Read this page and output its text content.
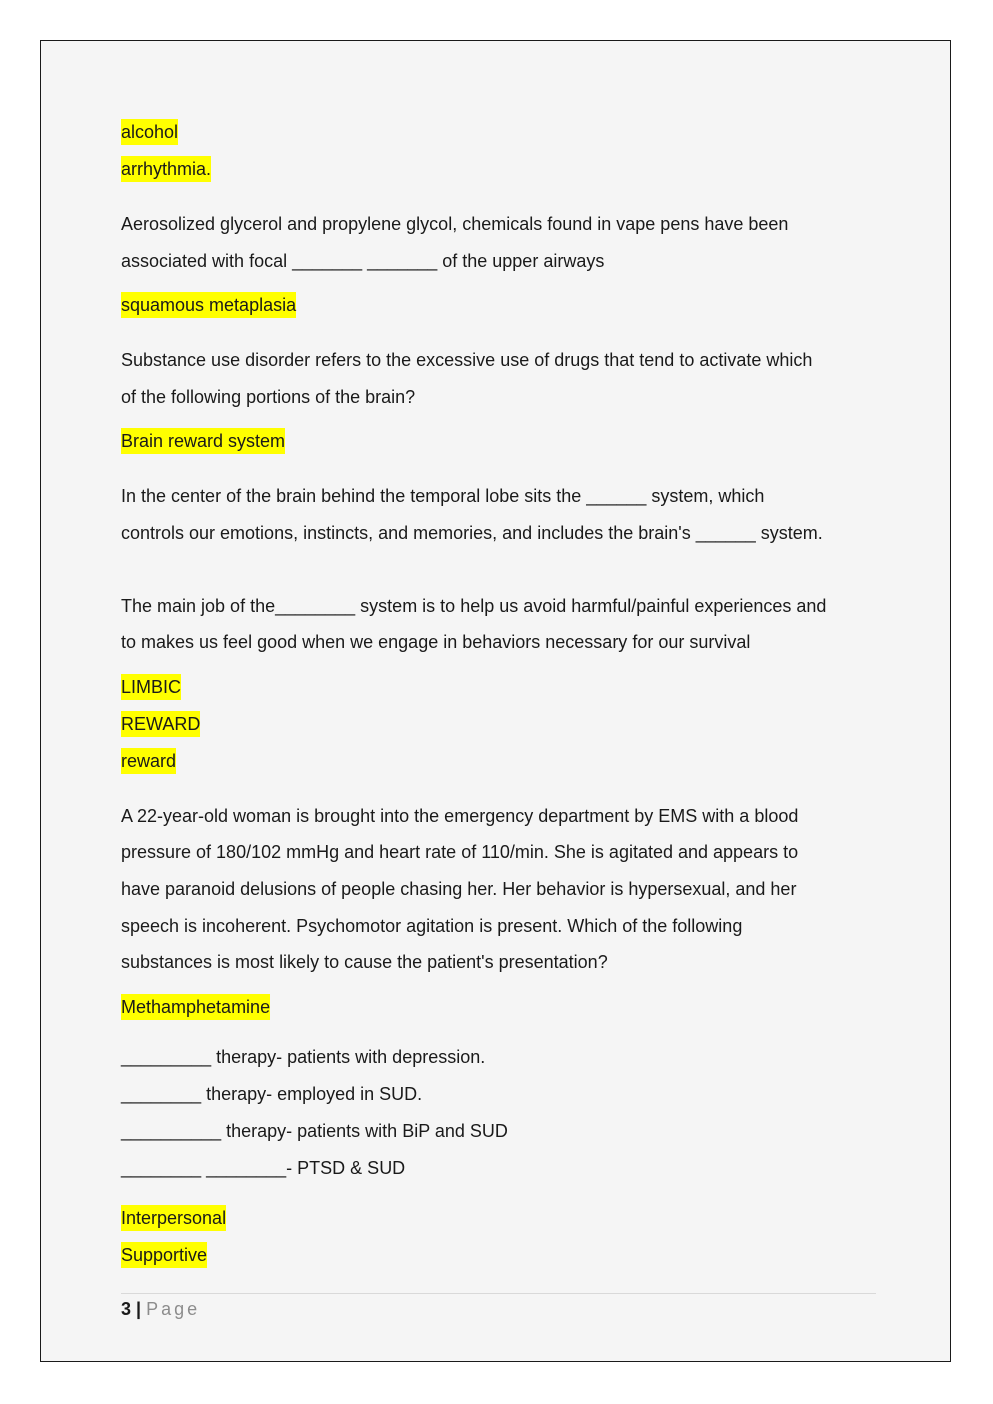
alcohol
arrhythmia.

Aerosolized glycerol and propylene glycol, chemicals found in vape pens have been

associated with focal _______ _______ of the upper airways

squamous metaplasia

Substance use disorder refers to the excessive use of drugs that tend to activate which

of the following portions of the brain?

Brain reward system

In the center of the brain behind the temporal lobe sits the ______ system, which

controls our emotions, instincts, and memories, and includes the brain's ______ system.

The main job of the________ system is to help us avoid harmful/painful experiences and

to makes us feel good when we engage in behaviors necessary for our survival

LIMBIC
REWARD
reward

A 22-year-old woman is brought into the emergency department by EMS with a blood

pressure of 180/102 mmHg and heart rate of 110/min. She is agitated and appears to

have paranoid delusions of people chasing her. Her behavior is hypersexual, and her

speech is incoherent. Psychomotor agitation is present. Which of the following

substances is most likely to cause the patient's presentation?

Methamphetamine
_________ therapy- patients with depression.
________ therapy- employed in SUD.
__________ therapy- patients with BiP and SUD
________ ________- PTSD & SUD
Interpersonal
Supportive
3 | Page
